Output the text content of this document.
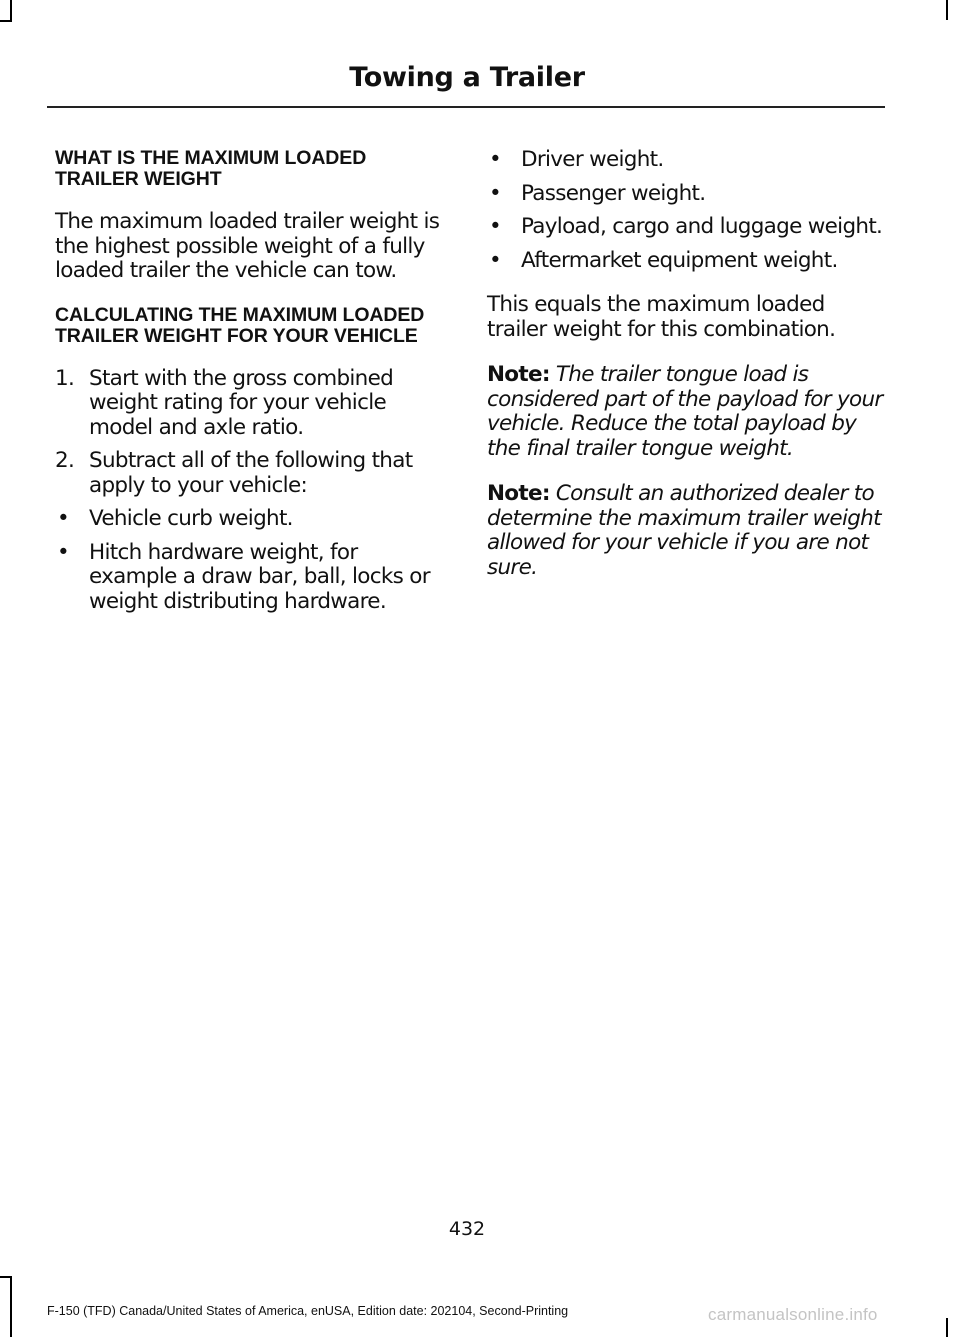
Towing a Trailer
WHAT IS THE MAXIMUM LOADED TRAILER WEIGHT
The maximum loaded trailer weight is the highest possible weight of a fully loaded trailer the vehicle can tow.
CALCULATING THE MAXIMUM LOADED TRAILER WEIGHT FOR YOUR VEHICLE
1. Start with the gross combined weight rating for your vehicle model and axle ratio.
2. Subtract all of the following that apply to your vehicle:
• Vehicle curb weight.
• Hitch hardware weight, for example a draw bar, ball, locks or weight distributing hardware.
• Driver weight.
• Passenger weight.
• Payload, cargo and luggage weight.
• Aftermarket equipment weight.
This equals the maximum loaded trailer weight for this combination.
Note: The trailer tongue load is considered part of the payload for your vehicle. Reduce the total payload by the final trailer tongue weight.
Note: Consult an authorized dealer to determine the maximum trailer weight allowed for your vehicle if you are not sure.
432
F-150 (TFD) Canada/United States of America, enUSA, Edition date: 202104, Second-Printing	carmanualsonline.info
